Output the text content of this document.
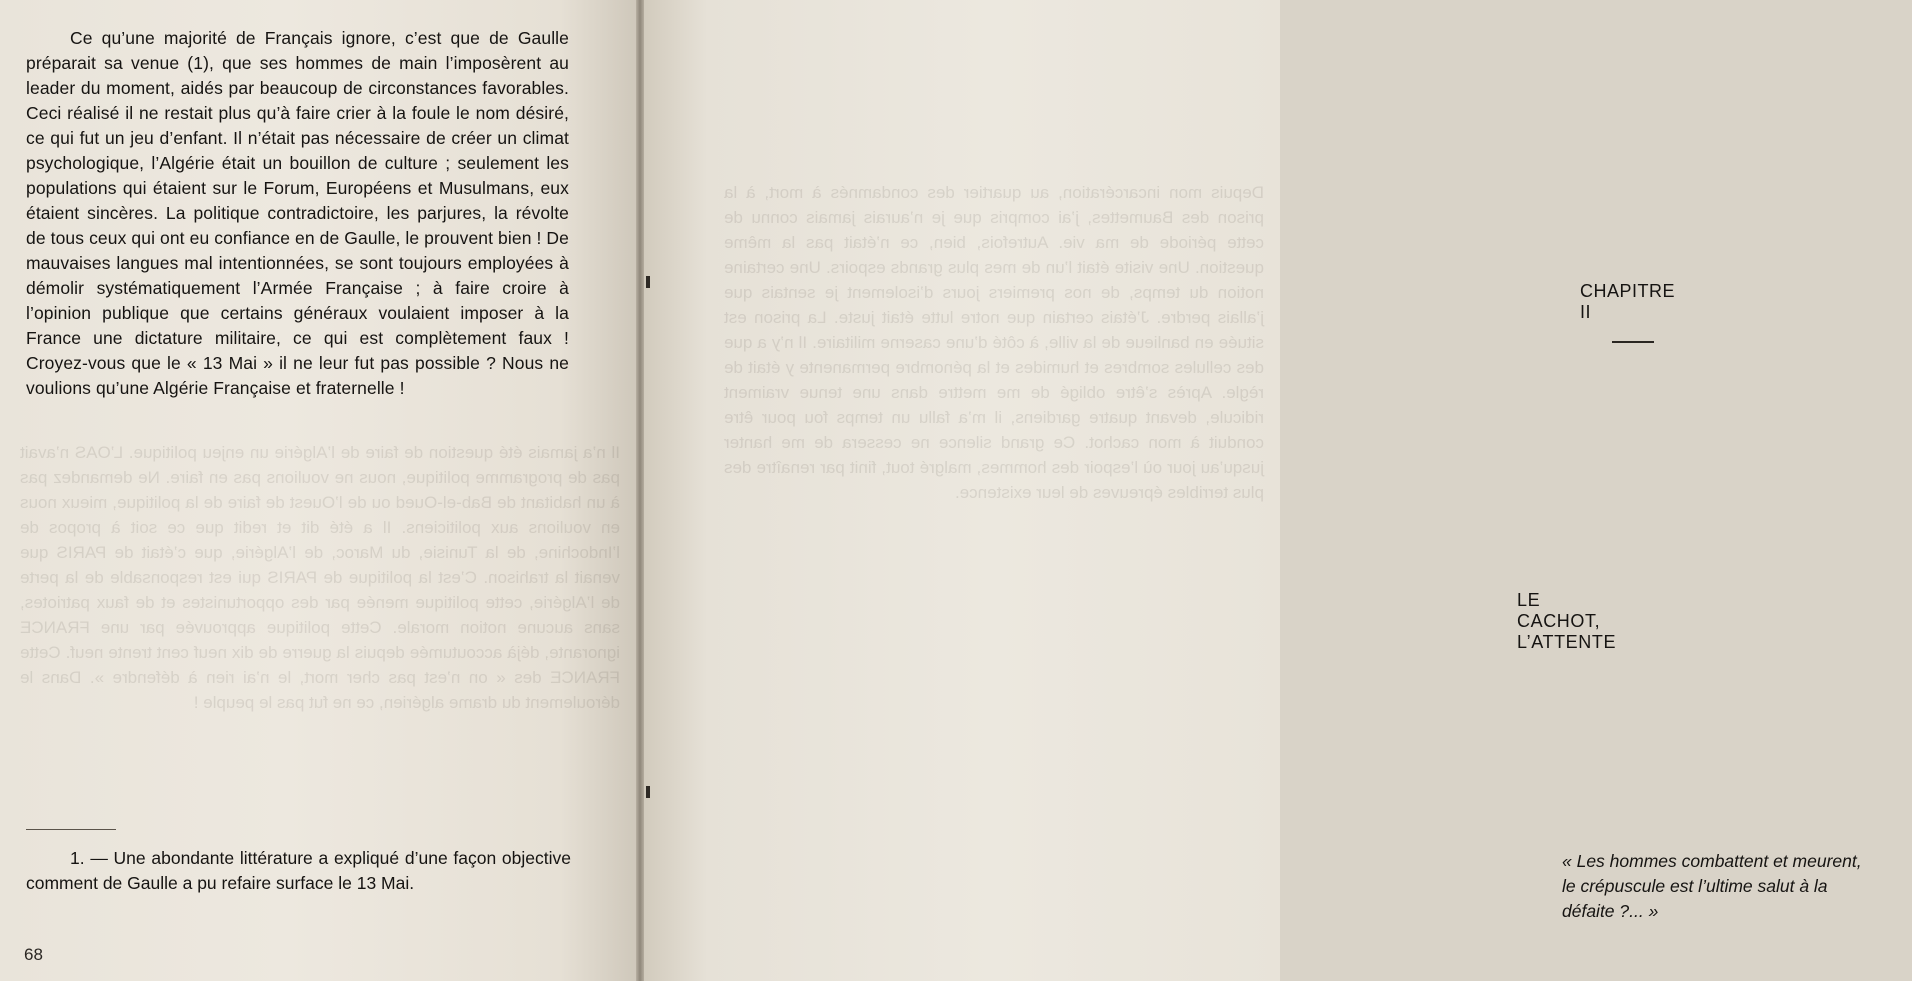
Il n’a jamais été question de faire de l’Algérie un enjeu politique. L’OAS n’avait pas de programme politique, nous ne voulions pas en faire. Ne demandez pas à un habitant de Bab-el-Oued ou de l’Ouest de faire de la politique, mieux nous en voulions aux politiciens. Il a été dit et redit que ce soit à propos de l’Indochine, de la Tunisie, du Maroc, de l’Algérie, que c’était de PARIS que venait la trahison. C’est la politique de PARIS qui est responsable de la perte de l’Algérie, cette politique menée par des opportunistes et de faux patriotes, sans aucune notion morale. Cette politique approuvée par une FRANCE ignorante, déjà accoutumée depuis la guerre de dix neuf cent trente neuf. Cette FRANCE des « on n’est pas cher mort, le n’ai rien à défendre ». Dans le déroulement du drame algérien, ce ne fut pas le peuple !

Ce qu’une majorité de Français ignore, c’est que de Gaulle préparait sa venue (1), que ses hommes de main l’imposèrent au leader du moment, aidés par beaucoup de circonstances favorables. Ceci réalisé il ne restait plus qu’à faire crier à la foule le nom désiré, ce qui fut un jeu d’enfant. Il n’était pas nécessaire de créer un climat psychologique, l’Algérie était un bouillon de culture ; seulement les populations qui étaient sur le Forum, Européens et Musulmans, eux étaient sincères. La politique contradictoire, les parjures, la révolte de tous ceux qui ont eu confiance en de Gaulle, le prouvent bien ! De mauvaises langues mal intentionnées, se sont toujours employées à démolir systématiquement l’Armée Française ; à faire croire à l’opinion publique que certains généraux voulaient imposer à la France une dictature militaire, ce qui est complètement faux ! Croyez-vous que le « 13 Mai » il ne leur fut pas possible ? Nous ne voulions qu’une Algérie Française et fraternelle !

1. — Une abondante littérature a expliqué d’une façon objective comment de Gaulle a pu refaire surface le 13 Mai.

68
Depuis mon incarcération, au quartier des condamnés à mort, à la prison des Baumettes, j’ai compris que je n’aurais jamais connu de cette période de ma vie. Autrefois, bien, ce n’était pas la même question. Une visite était l’un de mes plus grands espoirs. Une certaine notion du temps, de nos premiers jours d’isolement je sentais que j’allais perdre. J’étais certain que notre lutte était juste. La prison est située en banlieue de la ville, à côté d’une caserne militaire. Il n’y a que des cellules sombres et humides et la pénombre permanente y était de règle. Après s’être obligé de me mettre dans une tenue vraiment ridicule, devant quatre gardiens, il m’a fallu un temps fou pour être conduit à mon cachot. Ce grand silence ne cessera de me hanter jusqu’au jour où l’espoir des hommes, malgré tout, finit par renaître des plus terribles épreuves de leur existence.
CHAPITRE II
LE CACHOT, L’ATTENTE
« Les hommes combattent et meurent,
le crépuscule est l’ultime salut à la
défaite ?... »
